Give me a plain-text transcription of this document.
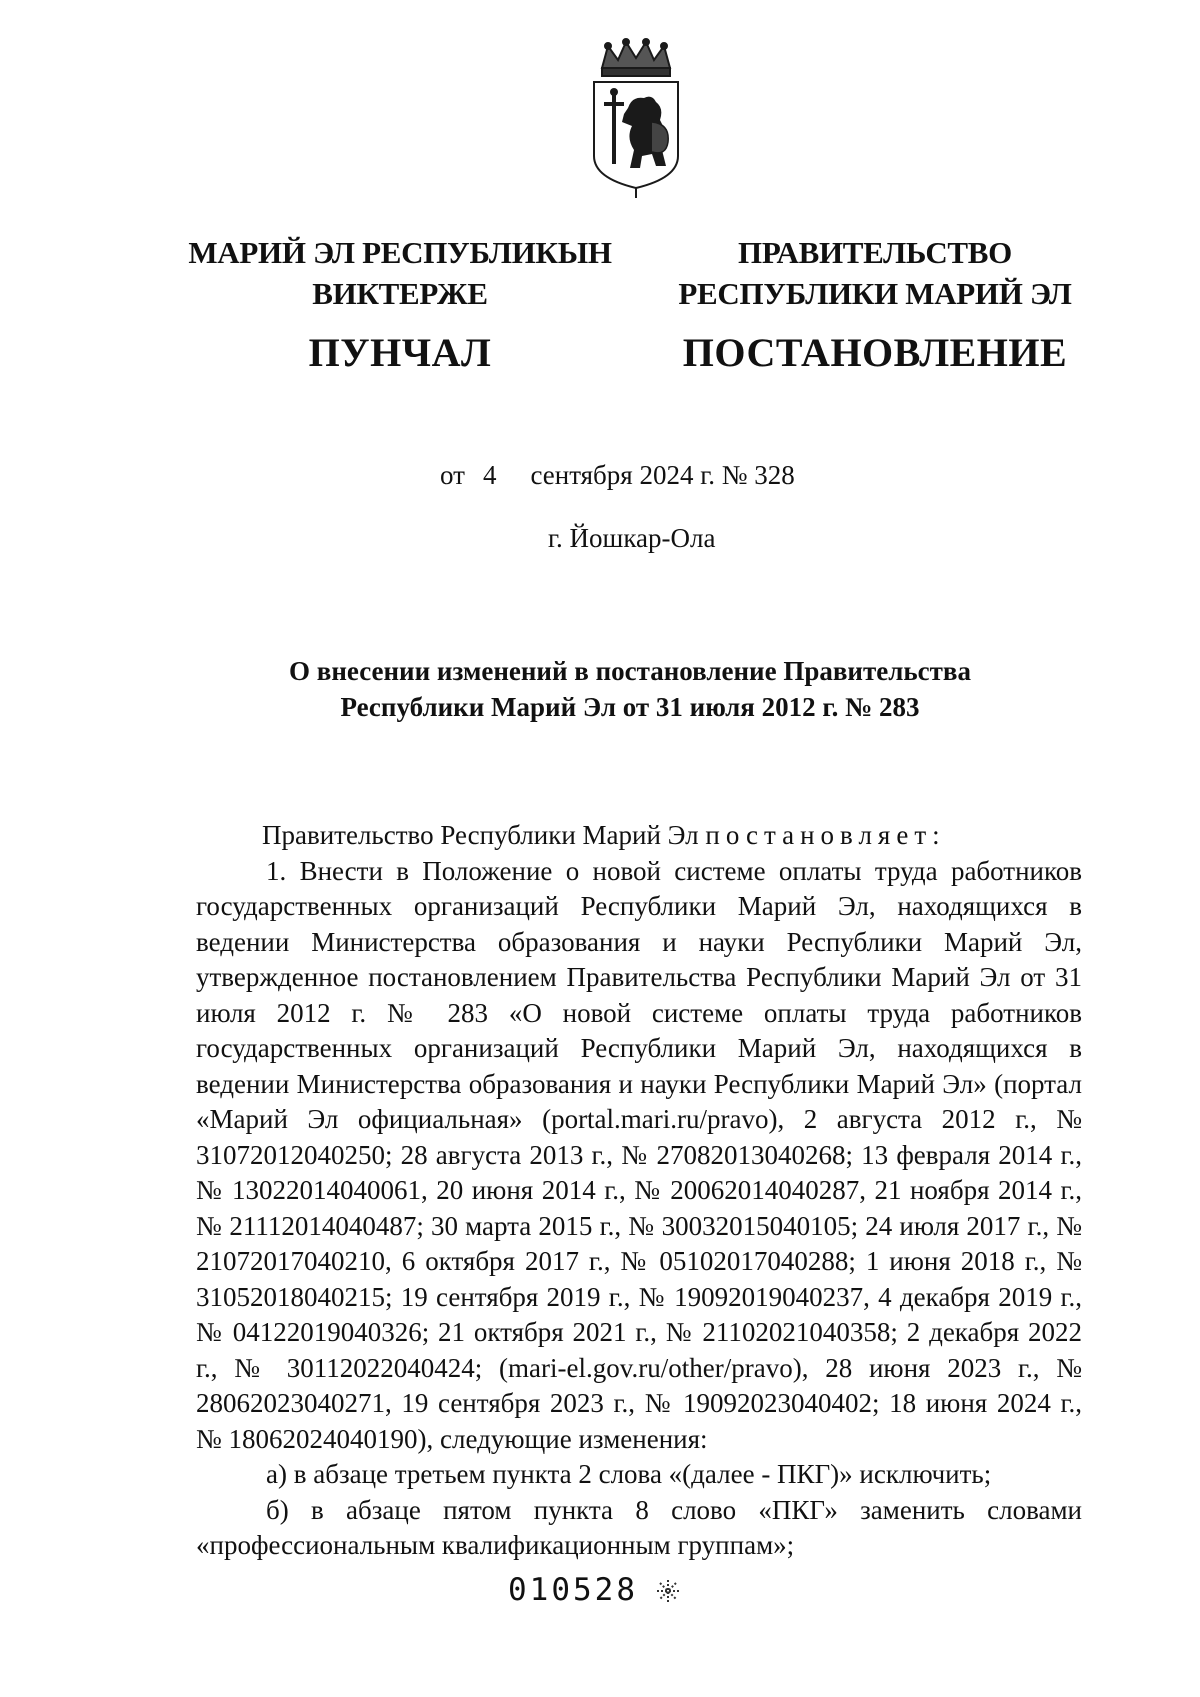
МАРИЙ ЭЛ РЕСПУБЛИКЫН
ВИКТЕРЖЕ
ПУНЧАЛ
ПРАВИТЕЛЬСТВО
РЕСПУБЛИКИ МАРИЙ ЭЛ
ПОСТАНОВЛЕНИЕ
от 4 сентября 2024 г. № 328
г. Йошкар-Ола
О внесении изменений в постановление Правительства
Республики Марий Эл от 31 июля 2012 г. № 283
Правительство Республики Марий Эл постановляет:

1. Внести в Положение о новой системе оплаты труда работников государственных организаций Республики Марий Эл, находящихся в ведении Министерства образования и науки Республики Марий Эл, утвержденное постановлением Правительства Республики Марий Эл от 31 июля 2012 г. № 283 «О новой системе оплаты труда работников государственных организаций Республики Марий Эл, находящихся в ведении Министерства образования и науки Республики Марий Эл» (портал «Марий Эл официальная» (portal.mari.ru/pravo), 2 августа 2012 г., № 31072012040250; 28 августа 2013 г., № 27082013040268; 13 февраля 2014 г., № 13022014040061, 20 июня 2014 г., № 20062014040287, 21 ноября 2014 г., № 21112014040487; 30 марта 2015 г., № 30032015040105; 24 июля 2017 г., № 21072017040210, 6 октября 2017 г., № 05102017040288; 1 июня 2018 г., № 31052018040215; 19 сентября 2019 г., № 19092019040237, 4 декабря 2019 г., № 04122019040326; 21 октября 2021 г., № 21102021040358; 2 декабря 2022 г., № 30112022040424; (mari-el.gov.ru/other/pravo), 28 июня 2023 г., № 28062023040271, 19 сентября 2023 г., № 19092023040402; 18 июня 2024 г., № 18062024040190), следующие изменения:

а) в абзаце третьем пункта 2 слова «(далее - ПКГ)» исключить;

б) в абзаце пятом пункта 8 слово «ПКГ» заменить словами «профессиональным квалификационным группам»;

010528
